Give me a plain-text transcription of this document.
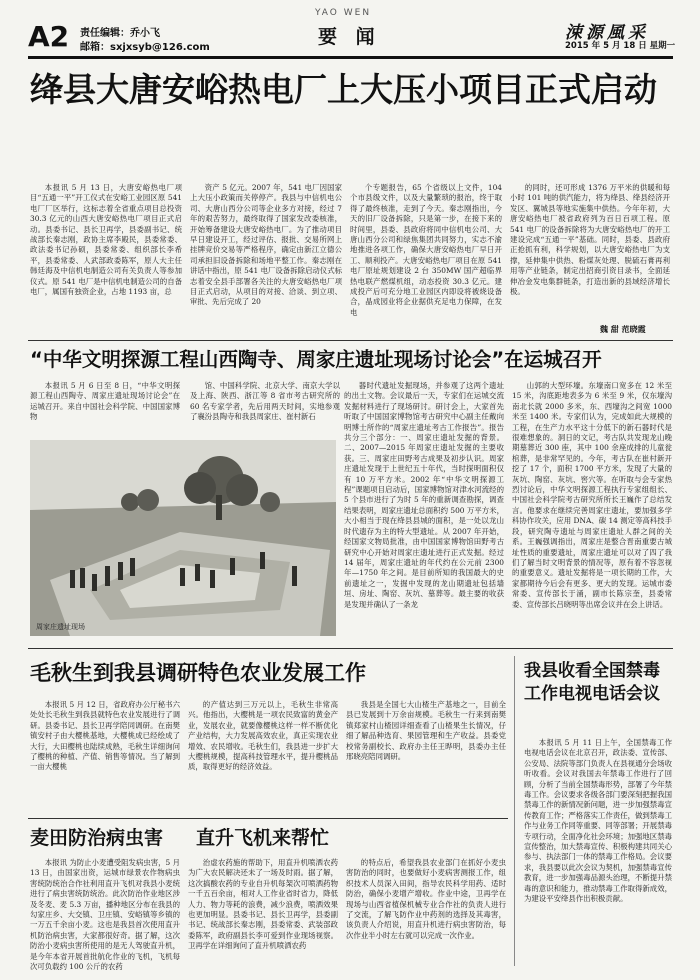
A2 责任编辑：乔小飞
邮箱：sxjxsyb@126.com
YAO WEN
要 闻	涑源風采
2015 年 5 月 18 日 星期一
绛县大唐安峪热电厂上大压小项目正式启动

本报讯 5 月 13 日，大唐安峪热电厂项目“五通一平”开工仪式在安峪工业园区原 541 电厂厂区举行，这标志着全省重点项目总投资 30.3 亿元的山西大唐安峪热电厂项目正式启动。县委书记、县长卫再学，县委副书记、统战部长秦志刚，政协主席李殿民，县委常委、政法委书记孙硕，县委常委、组织部长李希平，县委常委、人武部政委陈军，原人大主任韩廷海及中信机电制造公司有关负责人等参加仪式。原 541 电厂是中信机电制造公司的自备电厂，属国有独资企业，占地 1193 亩，总

资产 5 亿元。2007 年，541 电厂因国家上大压小政策而关停停产。我县与中信机电公司、大唐山西分公司等企业多方对接，经过 7 年的艰苦努力，最终取得了国家发改委核准，开始筹备建设大唐安峪热电厂。为了推动项目早日建设开工，经过评估、报批、交易所网上挂牌竞价交易等严格程序，确定由新江立德公司承担旧设备拆除和场地平整工作。秦志刚在讲话中指出，原 541 电厂设备拆除启动仪式标志着安全县手部署各关注的大唐安峪热电厂项目正式启动，从项目的对接、洽谈、到立项、审批、先后完成了 20

个专题报告，65 个省级以上文件，104 个市县级文件，以及大量繁琐的报治，终于取得了最终核准，走到了今天。秦志刚指出，今天的旧厂设备拆除，只是第一步，在接下来的时间里，县委、县政府将同中信机电公司、大唐山西分公司和绿焦集团共同努力，实志不渝地推进各项工作，确保大唐安峪热电厂早日开工、顺利投产。大唐安峪热电厂项目在原 541 电厂原址规划建设 2 台 350MW 国产超临界热电联产燃煤机组，动态投资 30.3 亿元。建成投产后可充分地工业园区内即设将被烧设备合，晶成园业将企业据供充足电力保障，在发电

的同时，还可形成 1376 万平米的供暖和每小时 101 吨的供汽能力，将为绛县、绛县经济开发区、翼城县等地实施集中供热。今年年初，大唐安峪热电厂被省政府列为百日百项工程。原 541 电厂的设备拆除将为大唐安峪热电厂的开工建设完成“五通一平”基础。同时，县委、县政府正抢抓有利，科学规划，以大唐安峪热电厂为支撑，延伸集中供热、粉煤灰处理、脱硫石膏再利用等产业链条，制定出招商引资目录书，全面延伸冶金发电集群链条，打造出新的县域经济增长极。

魏 甜 范晓霞
“中华文明探源工程山西陶寺、周家庄遗址现场讨论会”在运城召开

本报讯 5 月 6 日至 8 日，“中华文明探源工程山西陶寺、周家庄遗址现场讨论会”在运城召开。来自中国社会科学院、中国国家博物

馆、中国科学院、北京大学、南京大学以及上海、陕西、浙江等 8 省市考古研究所的 60 名专家学者，先后用两天时间，实地参观了襄汾县陶寺和我县周家庄、崔村新石

周家庄遗址现场

器时代遗址发掘现场，并参观了这两个遗址的出土文物。会议最后一天，专家们在运城交流发掘材料进行了现场研讨。研讨会上，大家首先听取了中国国家博物馆考古研究中心副主任戴向明博士所作的“周家庄遗址考古工作报告”。报告共分三个部分：一、周家庄遗址发掘的背景。二、2007—2015 年周家庄遗址发掘的主要收获。三、周家庄田野考古成果及初步认识。周家庄遗址发现于上世纪五十年代，当时探明面积仅有 10 万平方米。2002 年“中华文明探源工程”课题项目启动后，国家博物馆对津水河流经的 5 个县市进行了为时 5 年的重新调查勘探，调查结果表明，周家庄遗址总面积约 500 万平方米，大小相当于现在绛县县城的面积，是一处以龙山时代遗存为主的特大型遗址。从 2007 年开始，经国家文物局批准，由中国国家博物馆田野考古研究中心开始对周家庄遗址进行正式发掘。经过 14 届年，周家庄遗址的年代约在公元前 2300 年—1750 年之间。是目前所知的我国最大的史前遗址之一，发掘中发现的龙山期遗址包括墙垣、房址、陶窑、灰坑、墓葬等。最主要的收获是发现并确认了一条龙

山郭的大型环壕。东壕南口宽多在 12 米至 15 米，沟底距地表多为 6 米至 9 米，仅东壕沟南北长就 2000 多米，东、西壕沟之间宽 1000 米至 1400 米。专家们认为，完成如此大规模的工程，在生产力水平这十分低下的新石器时代是很难想象的。洞日的文记，考古队共发现龙山晚期墓葬近 300 座，其中 100 余座成排的儿童瓮棺葬，是非常罕见的。今年，考古队在崔村新开挖了 17 个，面积 1700 平方米，发现了大量的灰坑、陶窑、灰坑、窖穴等。在听取与会专家热烈讨论后，中华文明探源工程执行专家组组长、中国社会科学院考古研究所所长王巍作了总结发言。他要求在继续完善周家庄遗址，要加强多学科协作攻关，应用 DNA、碳 14 测定等高科技手段，研究陶寺遗址与周家庄遗址人群之间的关系。王巍强调指出，周家庄是整合晋南重要古城址性质的重要遗址，周家庄遗址可以对了四了我们了解当时文明背景的情况等，原有着不容忽视的重要意义。遗址发掘将是一项长期的工作，大家都期待今后会有更多、更大的发现。运城市委常委、宣传部长于涌，副市长陈宗奎，县委常委、宣传部长吕晓明等出席会议并在会上讲话。

毛秋生到我县调研特色农业发展工作

本报讯 5 月 12 日，省政府办公厅秘书六处处长毛秋生到我县就特色农业发展进行了调研。县委书记、县长卫再学陪同调研。在南樊镇安村子由大樱桃基地，大樱桃成已经绘成了大行，大田樱桃也陆续成熟，毛秋生详细询问了樱桃的种植、产值、销售等情况。当了解到一亩大樱桃

的产值达到三万元以上，毛秋生非常高兴。他指出，大樱桃是一项农民致富的黄金产业，发展农业，就要像樱桃这样一样不断优化产业结构，大力发展高效农业，真正实现农业增效、农民增收。毛秋生们，我县进一步扩大大樱桃规模，提高科技管理水平，提升樱桃品质，取得更好的经济效益。

我县是全国七大山楂生产基地之一，目前全县已发展到十万余亩规模。毛秋生一行来到南樊镇郑家村山楂园详细查看了山楂果生长情况，仔细了解品种选育、果园管理和生产收益。县委党校常务副校长、政府办主任王晔明，县委办主任邢晓亮陪同调研。

我县收看全国禁毒工作电视电话会议

本报讯 5 月 11 日上午，全国禁毒工作电视电话会议在北京召开，政法委、宣传部、公安局、法院等部门负责人在县视通分会场收听收看。会议对我国去年禁毒工作进行了回顾，分析了当前全国禁毒形势，部署了今年禁毒工作。会议要求各级各部门要深刻把握我国禁毒工作的新情况新问题，进一步加强禁毒宣传教育工作；严格落实工作责任，做到禁毒工作与业务工作同等重要、同等部署；开展禁毒专项行动，全面净化社会环境；加强地区禁毒宣传整治，加大禁毒宣传、积极构建共同关心参与、执法部门一体的禁毒工作格局。会议要求，我县要以此次会议为契机，加强禁毒宣传教育，进一步加强毒品源头治理，不断提升禁毒的意识和能力，推动禁毒工作取得新成效，为建设平安绛县作出积极贡献。

麦田防治病虫害 直升飞机来帮忙

本报讯 为防止小麦遭受阻发病虫害，5 月 13 日，由国家出资，运城市绿景农作物病虫害统防统治合作社利用直升飞机对我县小麦统进行了病虫害统防统治。此次防治作业地区涉及冬麦、麦 5.3 万亩，播种地区分布在我县的勾家庄乡、大交镇、卫庄镇、安峪镇等乡镇的一万五千余亩小麦。这也是我县首次使用直升机防治病虫害，大家都很好奇。据了解，这次防治小麦病虫害所使用的是无人驾驶直升机，是今年本省开展首批航化作业的飞机，飞机每次可负载约 100 公斤的农药

治虚农药施的帮助下，用直升机喷洒农药为广大农民解决还未了一场及时雨。据了解，这次搞酸农药的专业自升机每架次可喷洒药物一千五百余亩，相对人工作业省时省力，降低人力、物力等耗的浪费，减少浪费，喷洒效果也更加明显。县委书记、县长卫再学，县委副书记、统战部长秦志刚，县委常委、武装部政委陈军，政府副县长李可爱到作业现场视察。卫再学在详细询问了直升机喷洒农药

的特点后，希望我县农业部门在抓好小麦虫害防治的同时，也要做好小麦病害测报工作，组织技术人员深入田间，指导农民科学用药、适时防治，确保小麦增产增收。作业中途，卫再学在现场与山西省植保机械专业合作社的负责人进行了交流，了解飞防作业中药剂的选择及其毒害，该负责人介绍说，用直升机进行病虫害防治，每次作业半小时左右就可以完成一次作业。
